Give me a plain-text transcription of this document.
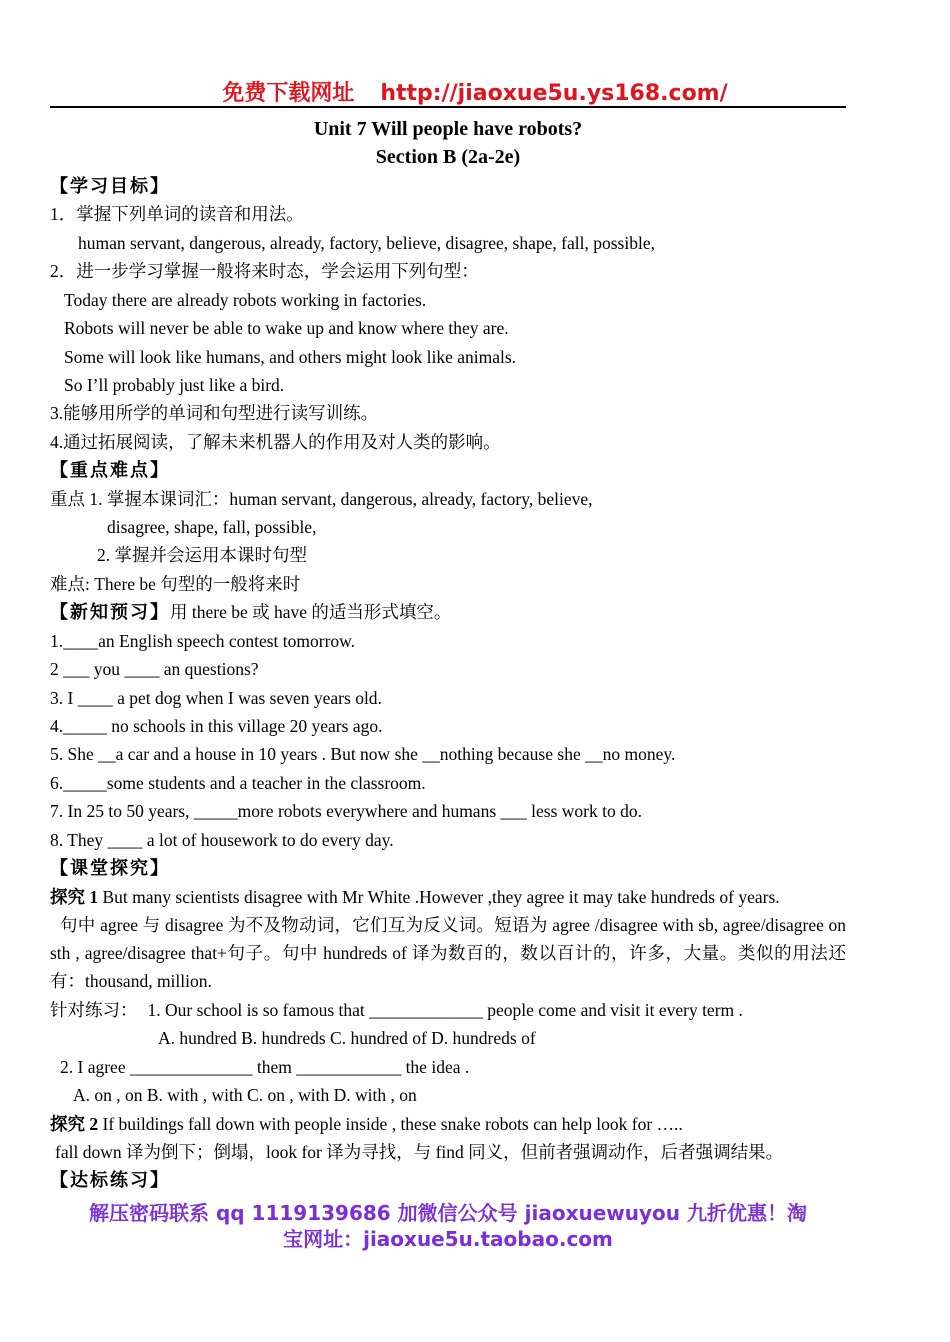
免费下载网址 http://jiaoxue5u.ys168.com/
Unit 7 Will people have robots?
Section B (2a-2e)
【学习目标】
1．掌握下列单词的读音和用法。
human servant, dangerous, already, factory, believe, disagree, shape, fall, possible,
2．进一步学习掌握一般将来时态，学会运用下列句型：
Today there are already robots working in factories.
Robots will never be able to wake up and know where they are.
Some will look like humans, and others might look like animals.
So I’ll probably just like a bird.
3.能够用所学的单词和句型进行读写训练。
4.通过拓展阅读，了解未来机器人的作用及对人类的影响。
【重点难点】
重点 1. 掌握本课词汇：human servant, dangerous, already, factory, believe,
disagree, shape, fall, possible,
2. 掌握并会运用本课时句型
难点: There be 句型的一般将来时
【新知预习】用 there be 或 have 的适当形式填空。
1.____an English speech contest tomorrow.
2 ___ you ____ an questions?
3. I ____ a pet dog when I was seven years old.
4._____ no schools in this village 20 years ago.
5. She __a car and a house in 10 years . But now she __nothing because she __no money.
6._____some students and a teacher in the classroom.
7. In 25 to 50 years, _____more robots everywhere and humans ___ less work to do.
8. They ____ a lot of housework to do every day.
【课堂探究】
探究 1 But many scientists disagree with Mr White .However ,they agree it may take hundreds of years.
句中 agree 与 disagree 为不及物动词，它们互为反义词。短语为 agree /disagree with sb, agree/disagree on sth , agree/disagree that+句子。句中 hundreds of 译为数百的，数以百计的，许多，大量。类似的用法还有：thousand, million.
针对练习： 1. Our school is so famous that _____________ people come and visit it every term .
A. hundred B. hundreds C. hundred of D. hundreds of
2. I agree ______________ them ____________ the idea .
A. on , on B. with , with C. on , with D. with , on
探究 2 If buildings fall down with people inside , these snake robots can help look for …..
fall down 译为倒下；倒塌，look for 译为寻找，与 find 同义，但前者强调动作，后者强调结果。
【达标练习】
解压密码联系 qq 1119139686 加微信公众号 jiaoxuewuyou 九折优惠！淘
宝网址：jiaoxue5u.taobao.com
